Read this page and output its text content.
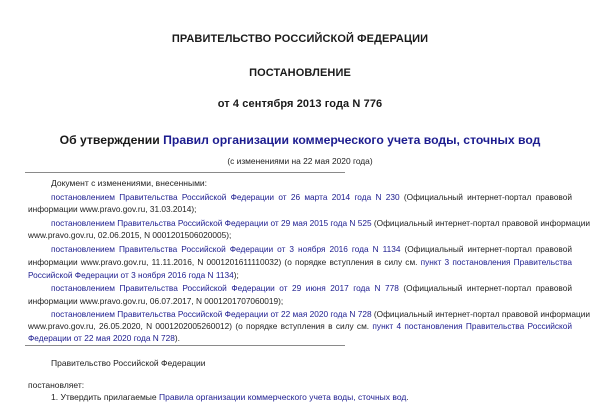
ПРАВИТЕЛЬСТВО РОССИЙСКОЙ ФЕДЕРАЦИИ
ПОСТАНОВЛЕНИЕ
от 4 сентября 2013 года N 776
Об утверждении Правил организации коммерческого учета воды, сточных вод
(с изменениями на 22 мая 2020 года)
Документ с изменениями, внесенными:
постановлением Правительства Российской Федерации от 26 марта 2014 года N 230 (Официальный интернет-портал правовой
информации www.pravo.gov.ru, 31.03.2014);
постановлением Правительства Российской Федерации от 29 мая 2015 года N 525 (Официальный интернет-портал правовой информации
www.pravo.gov.ru, 02.06.2015, N 0001201506020005);
постановлением Правительства Российской Федерации от 3 ноября 2016 года N 1134 (Официальный интернет-портал правовой
информации www.pravo.gov.ru, 11.11.2016, N 0001201611110032) (о порядке вступления в силу см. пункт 3 постановления Правительства
Российской Федерации от 3 ноября 2016 года N 1134);
постановлением Правительства Российской Федерации от 29 июня 2017 года N 778 (Официальный интернет-портал правовой
информации www.pravo.gov.ru, 06.07.2017, N 0001201707060019);
постановлением Правительства Российской Федерации от 22 мая 2020 года N 728 (Официальный интернет-портал правовой информации
www.pravo.gov.ru, 26.05.2020, N 0001202005260012) (о порядке вступления в силу см. пункт 4 постановления Правительства Российской
Федерации от 22 мая 2020 года N 728).
Правительство Российской Федерации
постановляет:
1. Утвердить прилагаемые Правила организации коммерческого учета воды, сточных вод.
